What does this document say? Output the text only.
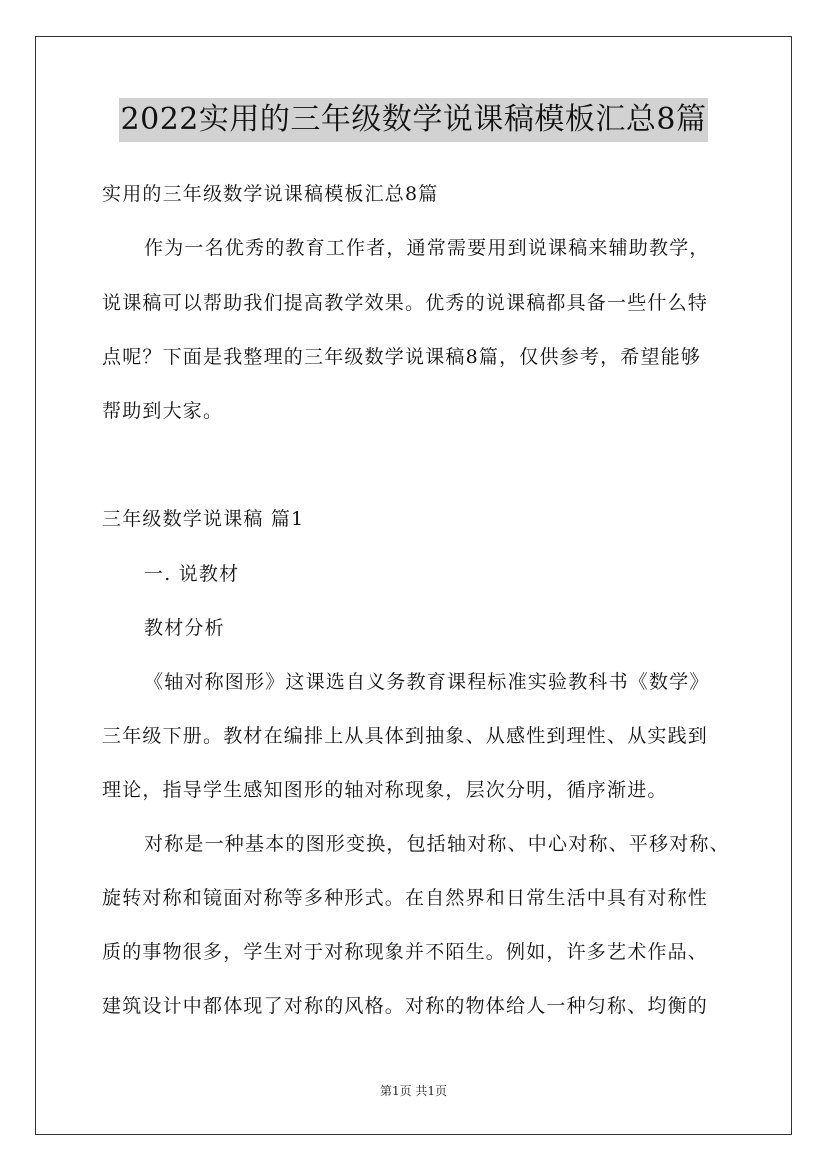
2022实用的三年级数学说课稿模板汇总8篇
实用的三年级数学说课稿模板汇总8篇
作为一名优秀的教育工作者，通常需要用到说课稿来辅助教学，
说课稿可以帮助我们提高教学效果。优秀的说课稿都具备一些什么特
点呢？下面是我整理的三年级数学说课稿8篇，仅供参考，希望能够
帮助到大家。
三年级数学说课稿 篇1
一. 说教材
教材分析
《轴对称图形》这课选自义务教育课程标准实验教科书《数学》
三年级下册。教材在编排上从具体到抽象、从感性到理性、从实践到
理论，指导学生感知图形的轴对称现象，层次分明，循序渐进。
对称是一种基本的图形变换，包括轴对称、中心对称、平移对称、
旋转对称和镜面对称等多种形式。在自然界和日常生活中具有对称性
质的事物很多，学生对于对称现象并不陌生。例如，许多艺术作品、
建筑设计中都体现了对称的风格。对称的物体给人一种匀称、均衡的
第1页 共1页
